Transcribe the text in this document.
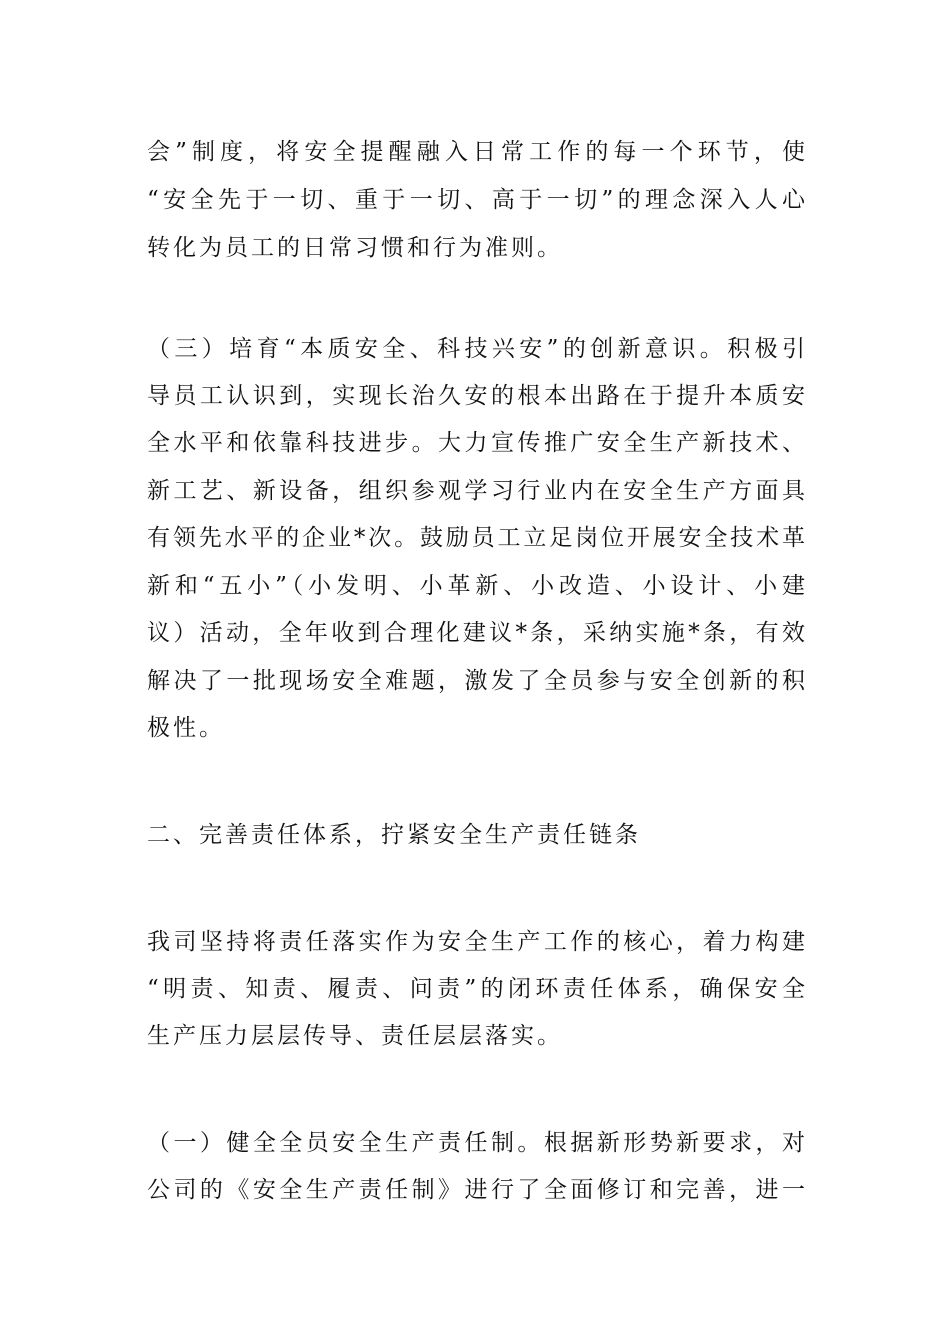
会”制度，将安全提醒融入日常工作的每一个环节，使
“安全先于一切、重于一切、高于一切”的理念深入人心
转化为员工的日常习惯和行为准则。
（三）培育“本质安全、科技兴安”的创新意识。积极引
导员工认识到，实现长治久安的根本出路在于提升本质安
全水平和依靠科技进步。大力宣传推广安全生产新技术、
新工艺、新设备，组织参观学习行业内在安全生产方面具
有领先水平的企业*次。鼓励员工立足岗位开展安全技术革
新和“五小”（小发明、小革新、小改造、小设计、小建
议）活动，全年收到合理化建议*条，采纳实施*条，有效
解决了一批现场安全难题，激发了全员参与安全创新的积
极性。
二、完善责任体系，拧紧安全生产责任链条
我司坚持将责任落实作为安全生产工作的核心，着力构建
“明责、知责、履责、问责”的闭环责任体系，确保安全
生产压力层层传导、责任层层落实。
（一）健全全员安全生产责任制。根据新形势新要求，对
公司的《安全生产责任制》进行了全面修订和完善，进一
